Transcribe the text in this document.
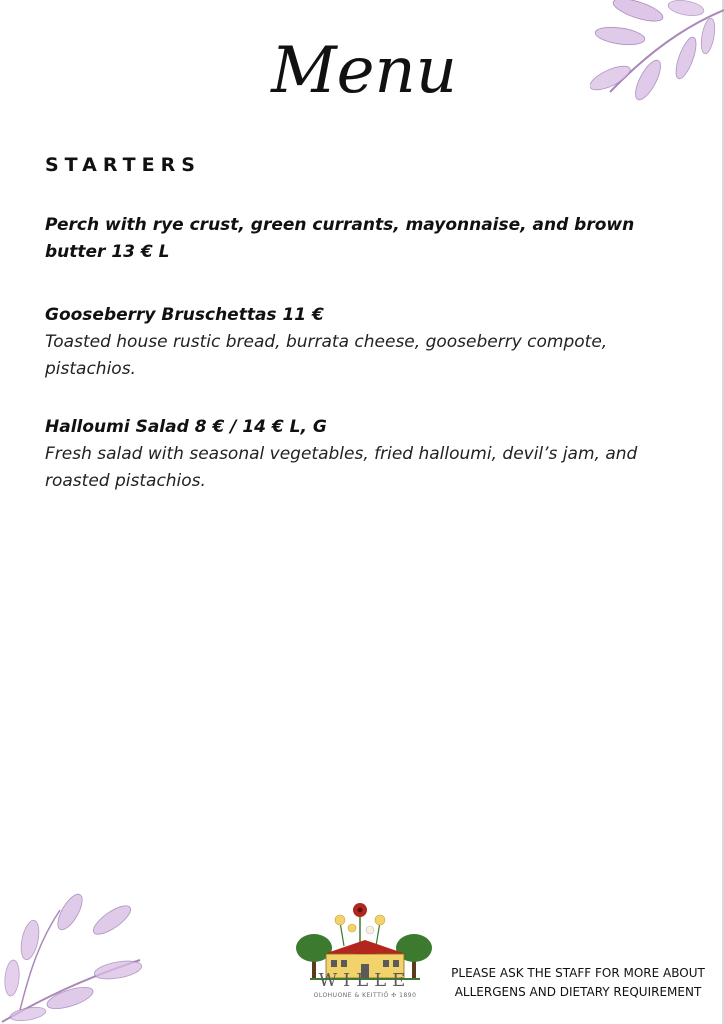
Menu
STARTERS
Perch with rye crust, green currants, mayonnaise, and brown
butter 13 € L
Gooseberry Bruschettas 11 €
Toasted house rustic bread, burrata cheese, gooseberry compote,
pistachios.
Halloumi Salad 8 € / 14 € L, G
Fresh salad with seasonal vegetables, fried halloumi, devil’s jam, and
roasted pistachios.
WILLE
OLOHUONE & KEITTIÖ ✣ 1890

PLEASE ASK THE STAFF FOR MORE ABOUT
ALLERGENS AND DIETARY REQUIREMENT
